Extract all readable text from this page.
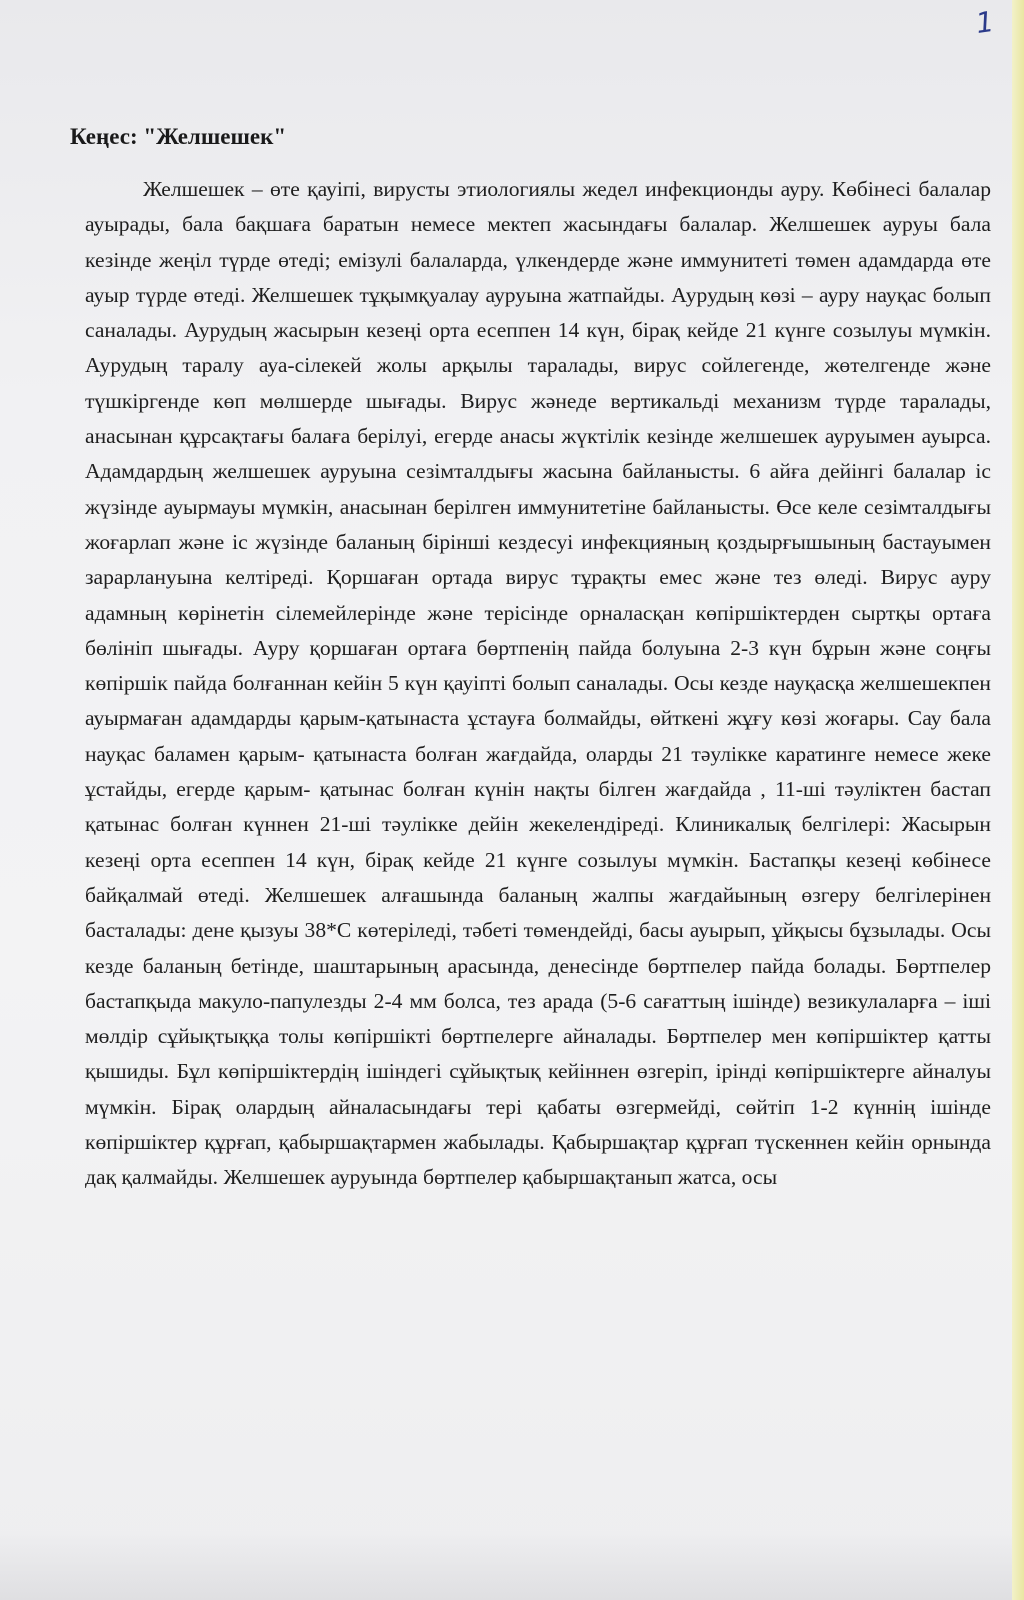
1
Кеңес: "Желшешек"

Желшешек – өте қауіпі, вирусты этиологиялы жедел инфекционды ауру. Көбінесі балалар ауырады, бала бақшаға баратын немесе мектеп жасындағы балалар. Желшешек ауруы бала кезінде жеңіл түрде өтеді; емізулі балаларда, үлкендерде және иммунитеті төмен адамдарда өте ауыр түрде өтеді. Желшешек тұқымқуалау ауруына жатпайды. Аурудың көзі – ауру науқас болып саналады. Аурудың жасырын кезеңі орта есеппен 14 күн, бірақ кейде 21 күнге созылуы мүмкін. Аурудың таралу ауа-сілекей жолы арқылы таралады, вирус сойлегенде, жөтелгенде және түшкіргенде көп мөлшерде шығады. Вирус жәнеде вертикальді механизм түрде таралады, анасынан құрсақтағы балаға берілуі, егерде анасы жүктілік кезінде желшешек ауруымен ауырса. Адамдардың желшешек ауруына сезімталдығы жасына байланысты. 6 айға дейінгі балалар іс жүзінде ауырмауы мүмкін, анасынан берілген иммунитетіне байланысты. Өсе келе сезімталдығы жоғарлап және іс жүзінде баланың бірінші кездесуі инфекцияның қоздырғышының бастауымен зарарлануына келтіреді. Қоршаған ортада вирус тұрақты емес және тез өледі. Вирус ауру адамның көрінетін сілемейлерінде және терісінде орналасқан көпіршіктерден сыртқы ортаға бөлініп шығады. Ауру қоршаған ортаға бөртпенің пайда болуына 2-3 күн бұрын және соңғы көпіршік пайда болғаннан кейін 5 күн қауіпті болып саналады. Осы кезде науқасқа желшешекпен ауырмаған адамдарды қарым-қатынаста ұстауға болмайды, өйткені жұғу көзі жоғары. Сау бала науқас баламен қарым- қатынаста болған жағдайда, оларды 21 тәулікке каратинге немесе жеке ұстайды, егерде қарым- қатынас болған күнін нақты білген жағдайда , 11-ші тәуліктен бастап қатынас болған күннен 21-ші тәулікке дейін жекелендіреді. Клиникалық белгілері: Жасырын кезеңі орта есеппен 14 күн, бірақ кейде 21 күнге созылуы мүмкін. Бастапқы кезеңі көбінесе байқалмай өтеді. Желшешек алғашында баланың жалпы жағдайының өзгеру белгілерінен басталады: дене қызуы 38*С көтеріледі, тәбеті төмендейді, басы ауырып, ұйқысы бұзылады. Осы кезде баланың бетінде, шаштарының арасында, денесінде бөртпелер пайда болады. Бөртпелер бастапқыда макуло-папулезды 2-4 мм болса, тез арада (5-6 сағаттың ішінде) везикулаларға – іші мөлдір сұйықтыққа толы көпіршікті бөртпелерге айналады. Бөртпелер мен көпіршіктер қатты қышиды. Бұл көпіршіктердің ішіндегі сұйықтық кейіннен өзгеріп, ірінді көпіршіктерге айналуы мүмкін. Бірақ олардың айналасындағы тері қабаты өзгермейді, сөйтіп 1-2 күннің ішінде көпіршіктер құрғап, қабыршақтармен жабылады. Қабыршақтар құрғап түскеннен кейін орнында дақ қалмайды. Желшешек ауруында бөртпелер қабыршақтанып жатса, осы
